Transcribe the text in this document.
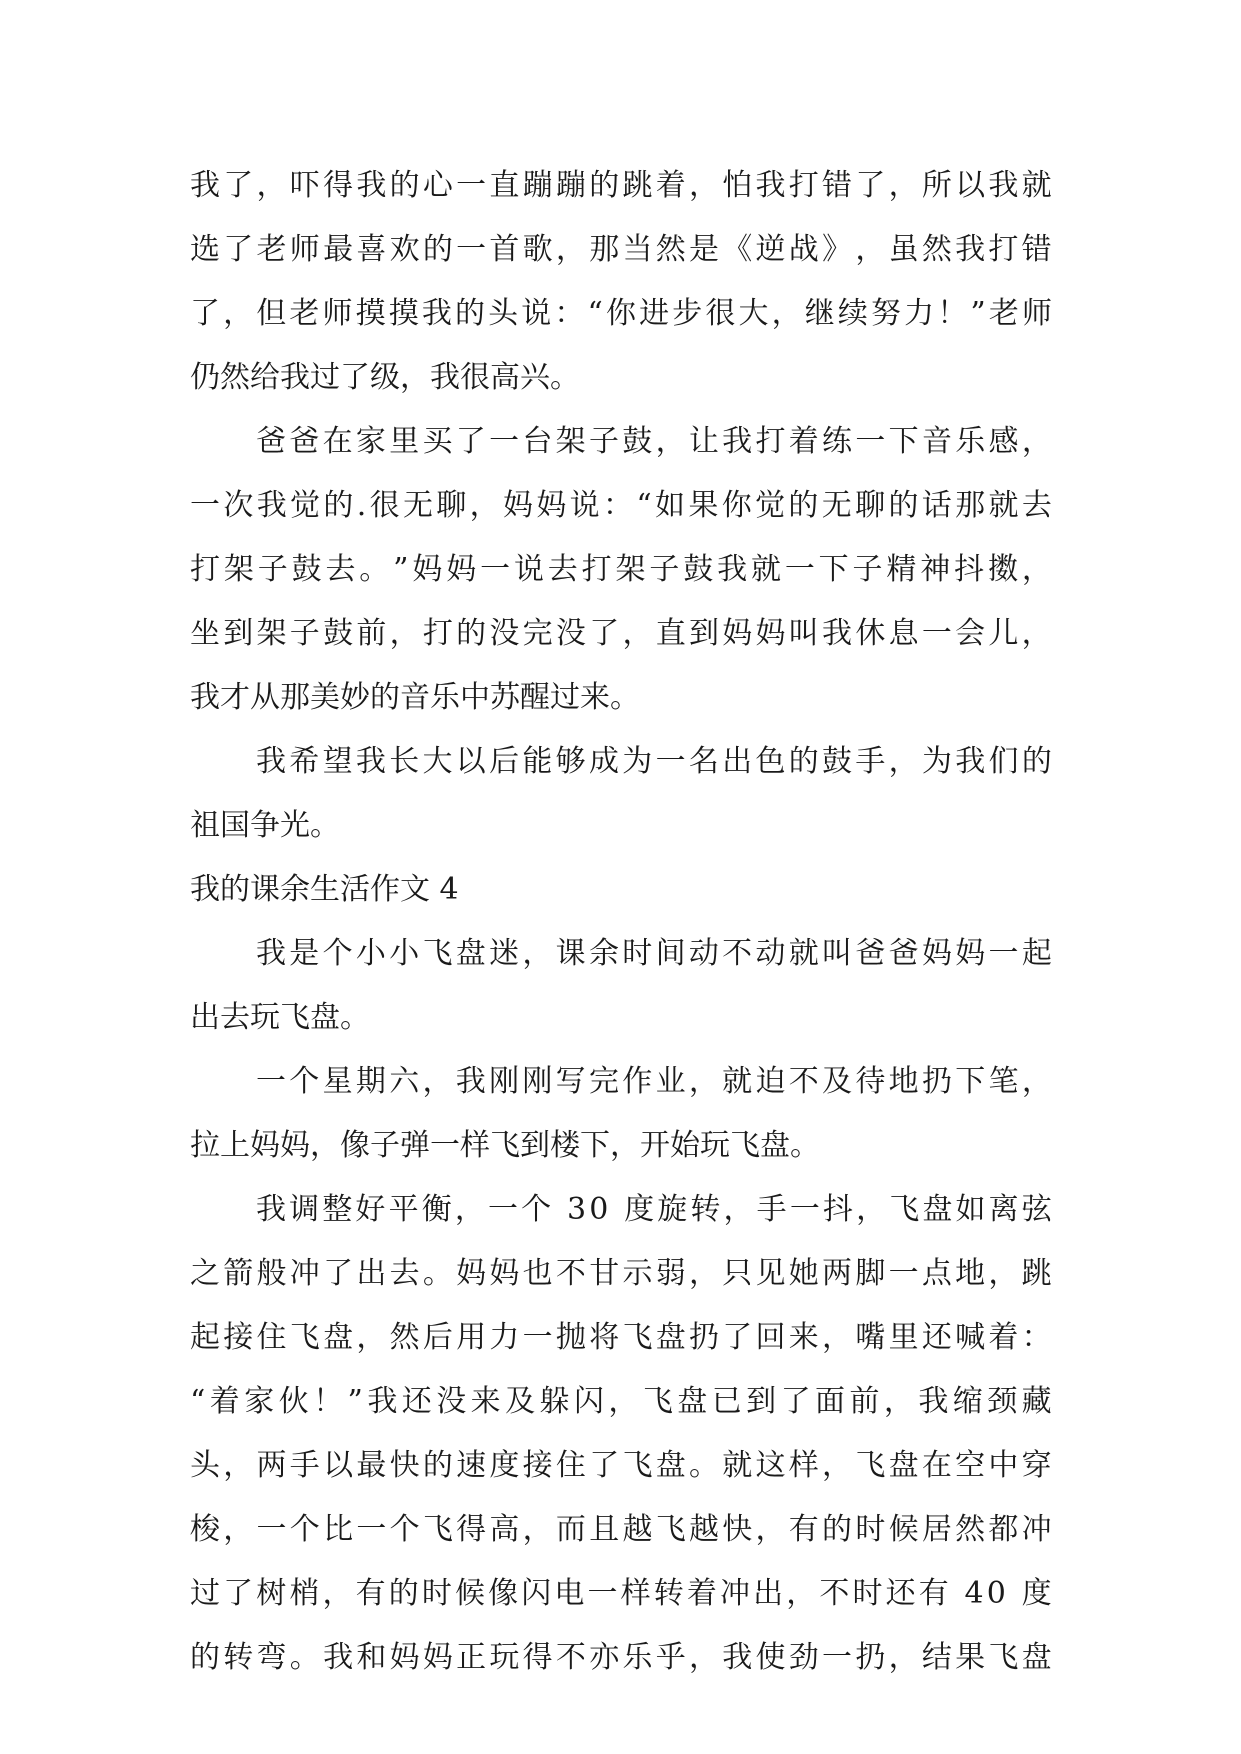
我 了 ， 吓 得 我 的 心 一 直 蹦 蹦 的 跳 着 ， 怕 我 打 错 了 ， 所 以 我 就
选 了 老 师 最 喜 欢 的 一 首 歌 ， 那 当 然 是 《 逆 战 》 ， 虽 然 我 打 错
了 ， 但 老 师 摸 摸 我 的 头 说 ： “ 你 进 步 很 大 ， 继 续 努 力 ！ ” 老 师
仍然给我过了级，我很高兴。
爸 爸 在 家 里 买 了 一 台 架 子 鼓 ， 让 我 打 着 练 一 下 音 乐 感 ，
一 次 我 觉 的 . 很 无 聊 ， 妈 妈 说 ： “ 如 果 你 觉 的 无 聊 的 话 那 就 去
打 架 子 鼓 去 。 ” 妈 妈 一 说 去 打 架 子 鼓 我 就 一 下 子 精 神 抖 擞 ，
坐 到 架 子 鼓 前 ， 打 的 没 完 没 了 ， 直 到 妈 妈 叫 我 休 息 一 会 儿 ，
我才从那美妙的音乐中苏醒过来。
我 希 望 我 长 大 以 后 能 够 成 为 一 名 出 色 的 鼓 手 ， 为 我 们 的
祖国争光。
我的课余生活作文 4
我 是 个 小 小 飞 盘 迷 ， 课 余 时 间 动 不 动 就 叫 爸 爸 妈 妈 一 起
出去玩飞盘。
一 个 星 期 六 ， 我 刚 刚 写 完 作 业 ， 就 迫 不 及 待 地 扔 下 笔 ，
拉上妈妈，像子弹一样飞到楼下，开始玩飞盘。
我 调 整 好 平 衡 ， 一 个
3 0
度 旋 转 ， 手 一 抖 ， 飞 盘 如 离 弦
之 箭 般 冲 了 出 去 。 妈 妈 也 不 甘 示 弱 ， 只 见 她 两 脚 一 点 地 ， 跳
起 接 住 飞 盘 ， 然 后 用 力 一 抛 将 飞 盘 扔 了 回 来 ， 嘴 里 还 喊 着 ：
“ 着 家 伙 ！ ” 我 还 没 来 及 躲 闪 ， 飞 盘 已 到 了 面 前 ， 我 缩 颈 藏
头 ， 两 手 以 最 快 的 速 度 接 住 了 飞 盘 。 就 这 样 ， 飞 盘 在 空 中 穿
梭 ， 一 个 比 一 个 飞 得 高 ， 而 且 越 飞 越 快 ， 有 的 时 候 居 然 都 冲
过 了 树 梢 ， 有 的 时 候 像 闪 电 一 样 转 着 冲 出 ， 不 时 还 有
4 0
度
的 转 弯 。 我 和 妈 妈 正 玩 得 不 亦 乐 乎 ， 我 使 劲 一 扔 ， 结 果 飞 盘
